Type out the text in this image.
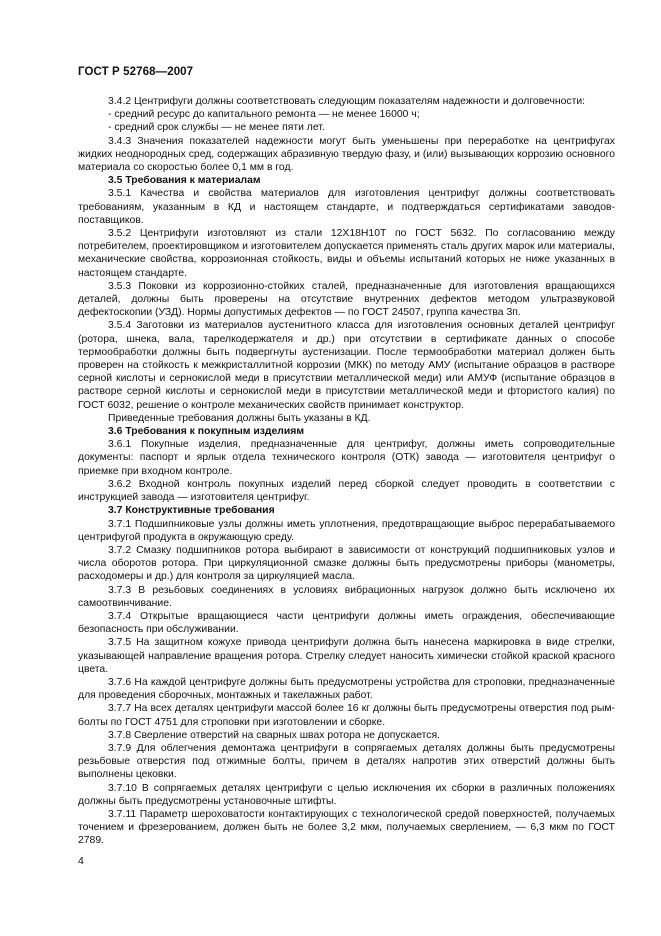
ГОСТ Р 52768—2007

3.4.2 Центрифуги должны соответствовать следующим показателям надежности и долговечности:

- средний ресурс до капитального ремонта — не менее 16000 ч;

- средний срок службы — не менее пяти лет.

3.4.3 Значения показателей надежности могут быть уменьшены при переработке на центрифугах жидких неоднородных сред, содержащих абразивную твердую фазу, и (или) вызывающих коррозию основного материала со скоростью более 0,1 мм в год.

3.5 Требования к материалам

3.5.1 Качества и свойства материалов для изготовления центрифуг должны соответствовать требованиям, указанным в КД и настоящем стандарте, и подтверждаться сертификатами заводов-поставщиков.

3.5.2 Центрифуги изготовляют из стали 12Х18Н10Т по ГОСТ 5632. По согласованию между потребителем, проектировщиком и изготовителем допускается применять сталь других марок или материалы, механические свойства, коррозионная стойкость, виды и объемы испытаний которых не ниже указанных в настоящем стандарте.

3.5.3 Поковки из коррозионно-стойких сталей, предназначенные для изготовления вращающихся деталей, должны быть проверены на отсутствие внутренних дефектов методом ультразвуковой дефектоскопии (УЗД). Нормы допустимых дефектов — по ГОСТ 24507, группа качества 3п.

3.5.4 Заготовки из материалов аустенитного класса для изготовления основных деталей центрифуг (ротора, шнека, вала, тарелкодержателя и др.) при отсутствии в сертификате данных о способе термообработки должны быть подвергнуты аустенизации. После термообработки материал должен быть проверен на стойкость к межкристаллитной коррозии (МКК) по методу АМУ (испытание образцов в растворе серной кислоты и сернокислой меди в присутствии металлической меди) или АМУФ (испытание образцов в растворе серной кислоты и сернокислой меди в присутствии металлической меди и фтористого калия) по ГОСТ 6032, решение о контроле механических свойств принимает конструктор.

Приведенные требования должны быть указаны в КД.

3.6 Требования к покупным изделиям

3.6.1 Покупные изделия, предназначенные для центрифуг, должны иметь сопроводительные документы: паспорт и ярлык отдела технического контроля (ОТК) завода — изготовителя центрифуг о приемке при входном контроле.

3.6.2 Входной контроль покупных изделий перед сборкой следует проводить в соответствии с инструкцией завода — изготовителя центрифуг.

3.7 Конструктивные требования

3.7.1 Подшипниковые узлы должны иметь уплотнения, предотвращающие выброс перерабатываемого центрифугой продукта в окружающую среду.

3.7.2 Смазку подшипников ротора выбирают в зависимости от конструкций подшипниковых узлов и числа оборотов ротора. При циркуляционной смазке должны быть предусмотрены приборы (манометры, расходомеры и др.) для контроля за циркуляцией масла.

3.7.3 В резьбовых соединениях в условиях вибрационных нагрузок должно быть исключено их самоотвинчивание.

3.7.4 Открытые вращающиеся части центрифуги должны иметь ограждения, обеспечивающие безопасность при обслуживании.

3.7.5 На защитном кожухе привода центрифуги должна быть нанесена маркировка в виде стрелки, указывающей направление вращения ротора. Стрелку следует наносить химически стойкой краской красного цвета.

3.7.6 На каждой центрифуге должны быть предусмотрены устройства для строповки, предназначенные для проведения сборочных, монтажных и такелажных работ.

3.7.7 На всех деталях центрифуги массой более 16 кг должны быть предусмотрены отверстия под рым-болты по ГОСТ 4751 для строповки при изготовлении и сборке.

3.7.8 Сверление отверстий на сварных швах ротора не допускается.

3.7.9 Для облегчения демонтажа центрифуги в сопрягаемых деталях должны быть предусмотрены резьбовые отверстия под отжимные болты, причем в деталях напротив этих отверстий должны быть выполнены цековки.

3.7.10 В сопрягаемых деталях центрифуги с целью исключения их сборки в различных положениях должны быть предусмотрены установочные штифты.

3.7.11 Параметр шероховатости контактирующих с технологической средой поверхностей, получаемых точением и фрезерованием, должен быть не более 3,2 мкм, получаемых сверлением, — 6,3 мкм по ГОСТ 2789.

4
